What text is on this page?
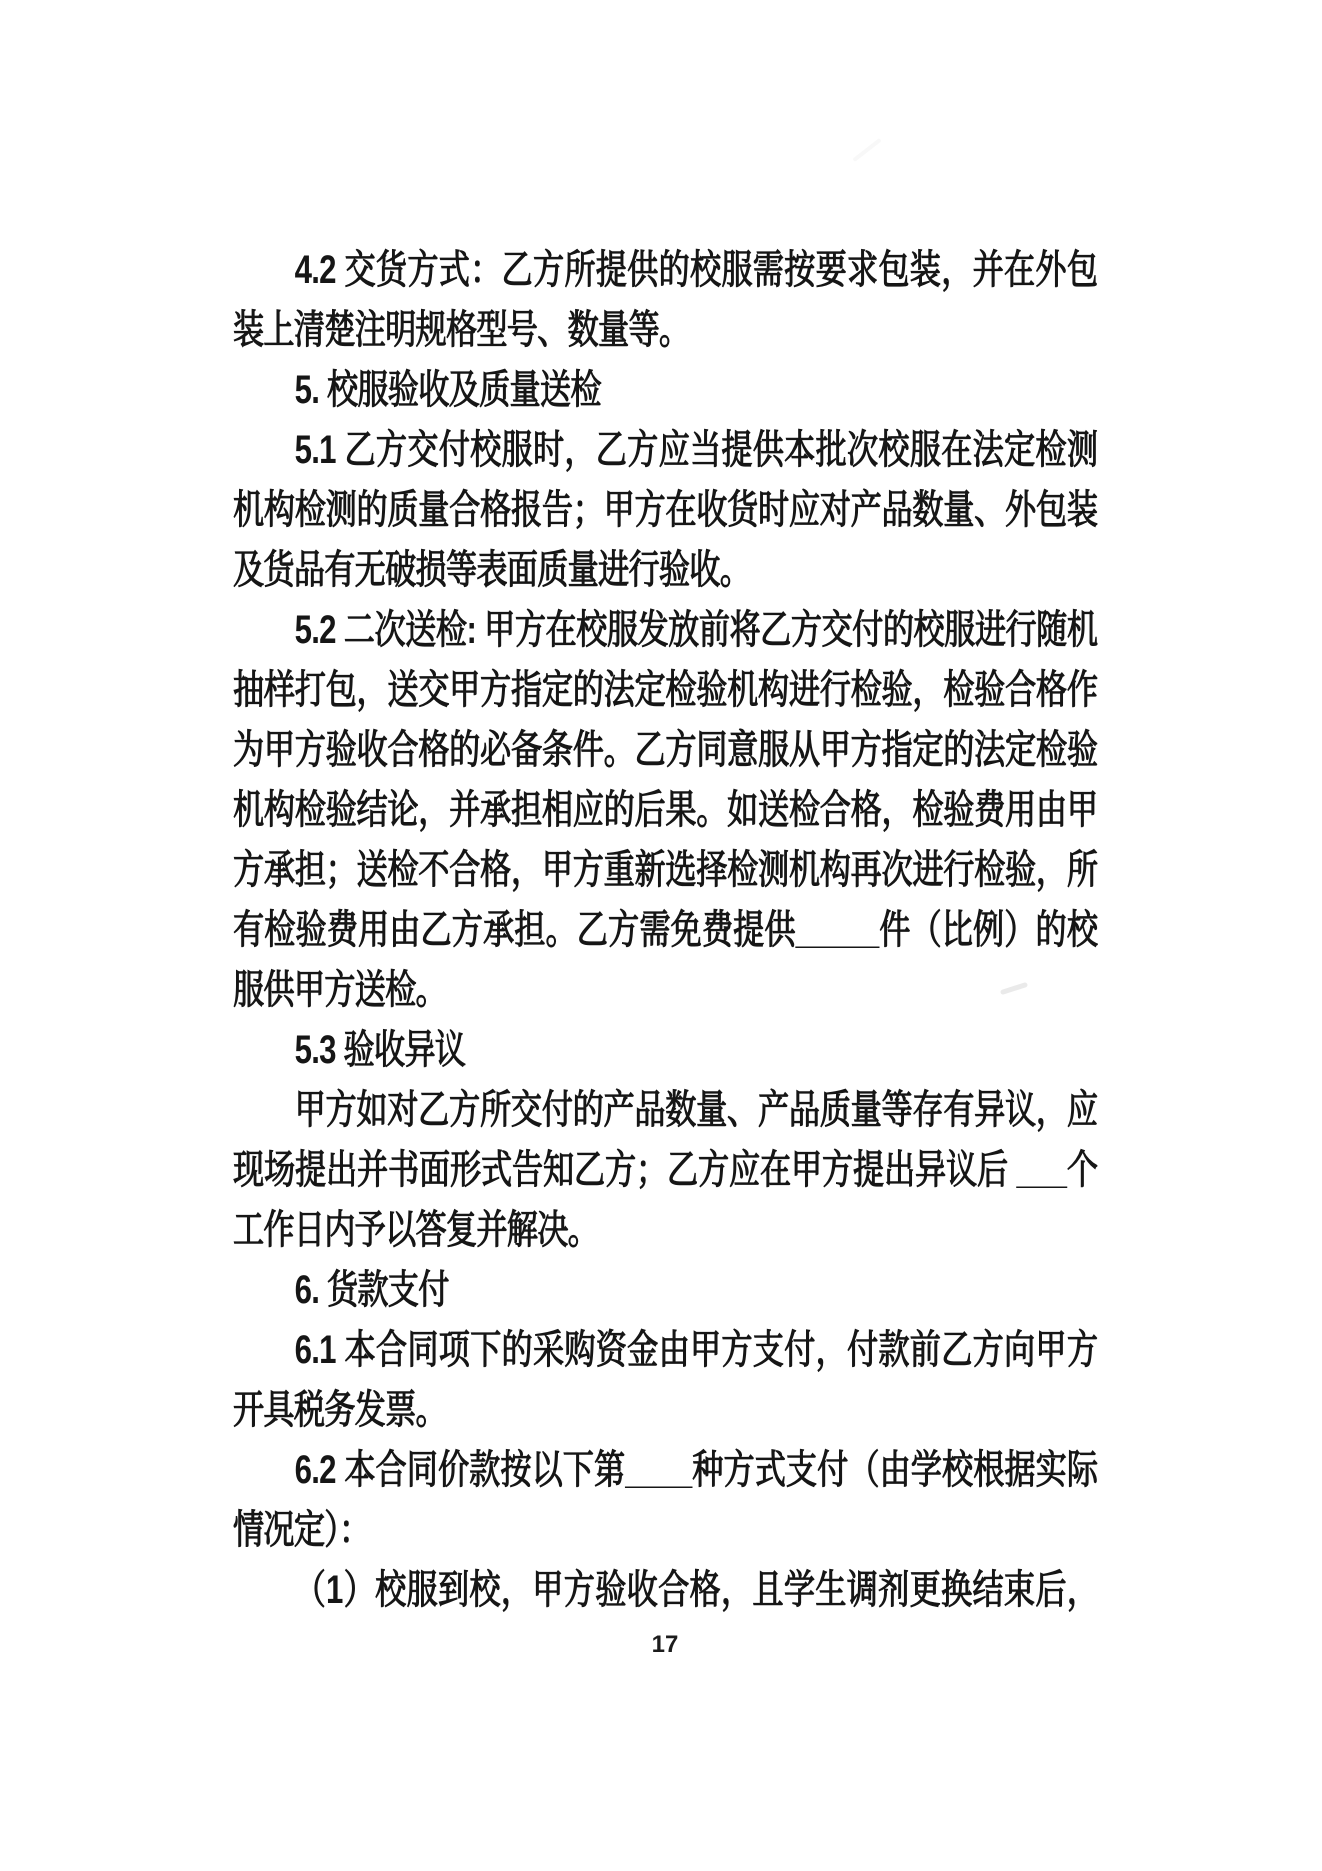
4.2 交货方式：乙方所提供的校服需按要求包装，并在外包
装上清楚注明规格型号、数量等。
5. 校服验收及质量送检
5.1 乙方交付校服时，乙方应当提供本批次校服在法定检测
机构检测的质量合格报告；甲方在收货时应对产品数量、外包装
及货品有无破损等表面质量进行验收。
5.2 二次送检: 甲方在校服发放前将乙方交付的校服进行随机
抽样打包，送交甲方指定的法定检验机构进行检验，检验合格作
为甲方验收合格的必备条件。乙方同意服从甲方指定的法定检验
机构检验结论，并承担相应的后果。如送检合格，检验费用由甲
方承担；送检不合格，甲方重新选择检测机构再次进行检验，所
有检验费用由乙方承担。乙方需免费提供_____件（比例）的校
服供甲方送检。
5.3 验收异议
甲方如对乙方所交付的产品数量、产品质量等存有异议，应
现场提出并书面形式告知乙方；乙方应在甲方提出异议后 ___个
工作日内予以答复并解决。
6. 货款支付
6.1 本合同项下的采购资金由甲方支付，付款前乙方向甲方
开具税务发票。
6.2 本合同价款按以下第____种方式支付（由学校根据实际
情况定）：
（1）校服到校，甲方验收合格，且学生调剂更换结束后，
17
